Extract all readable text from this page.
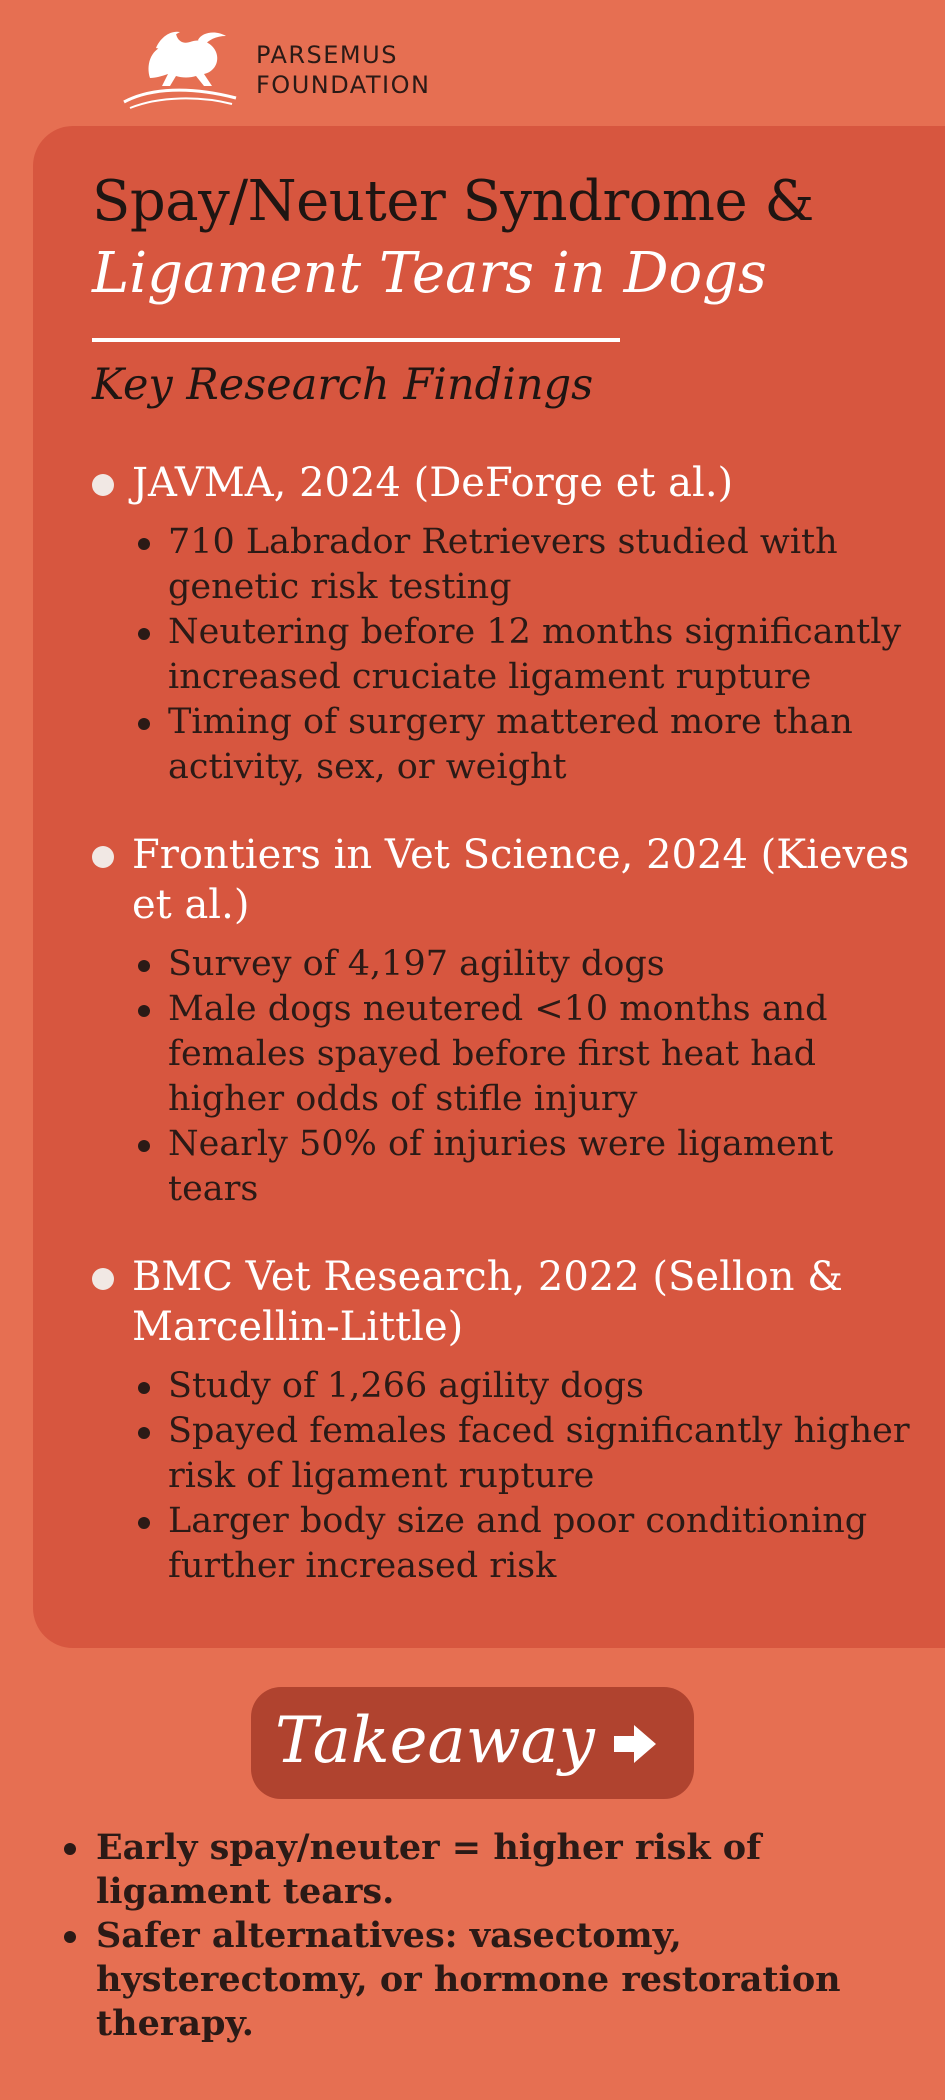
PARSEMUS
FOUNDATION
Spay/Neuter Syndrome &
Ligament Tears in Dogs
Key Research Findings
JAVMA, 2024 (DeForge et al.)
710 Labrador Retrievers studied with genetic risk testing
Neutering before 12 months significantly increased cruciate ligament rupture
Timing of surgery mattered more than activity, sex, or weight
Frontiers in Vet Science, 2024 (Kieves et al.)
Survey of 4,197 agility dogs
Male dogs neutered <10 months and females spayed before first heat had higher odds of stifle injury
Nearly 50% of injuries were ligament tears
BMC Vet Research, 2022 (Sellon & Marcellin-Little)
Study of 1,266 agility dogs
Spayed females faced significantly higher risk of ligament rupture
Larger body size and poor conditioning further increased risk
Takeaway
Early spay/neuter = higher risk of ligament tears.
Safer alternatives: vasectomy, hysterectomy, or hormone restoration therapy.
